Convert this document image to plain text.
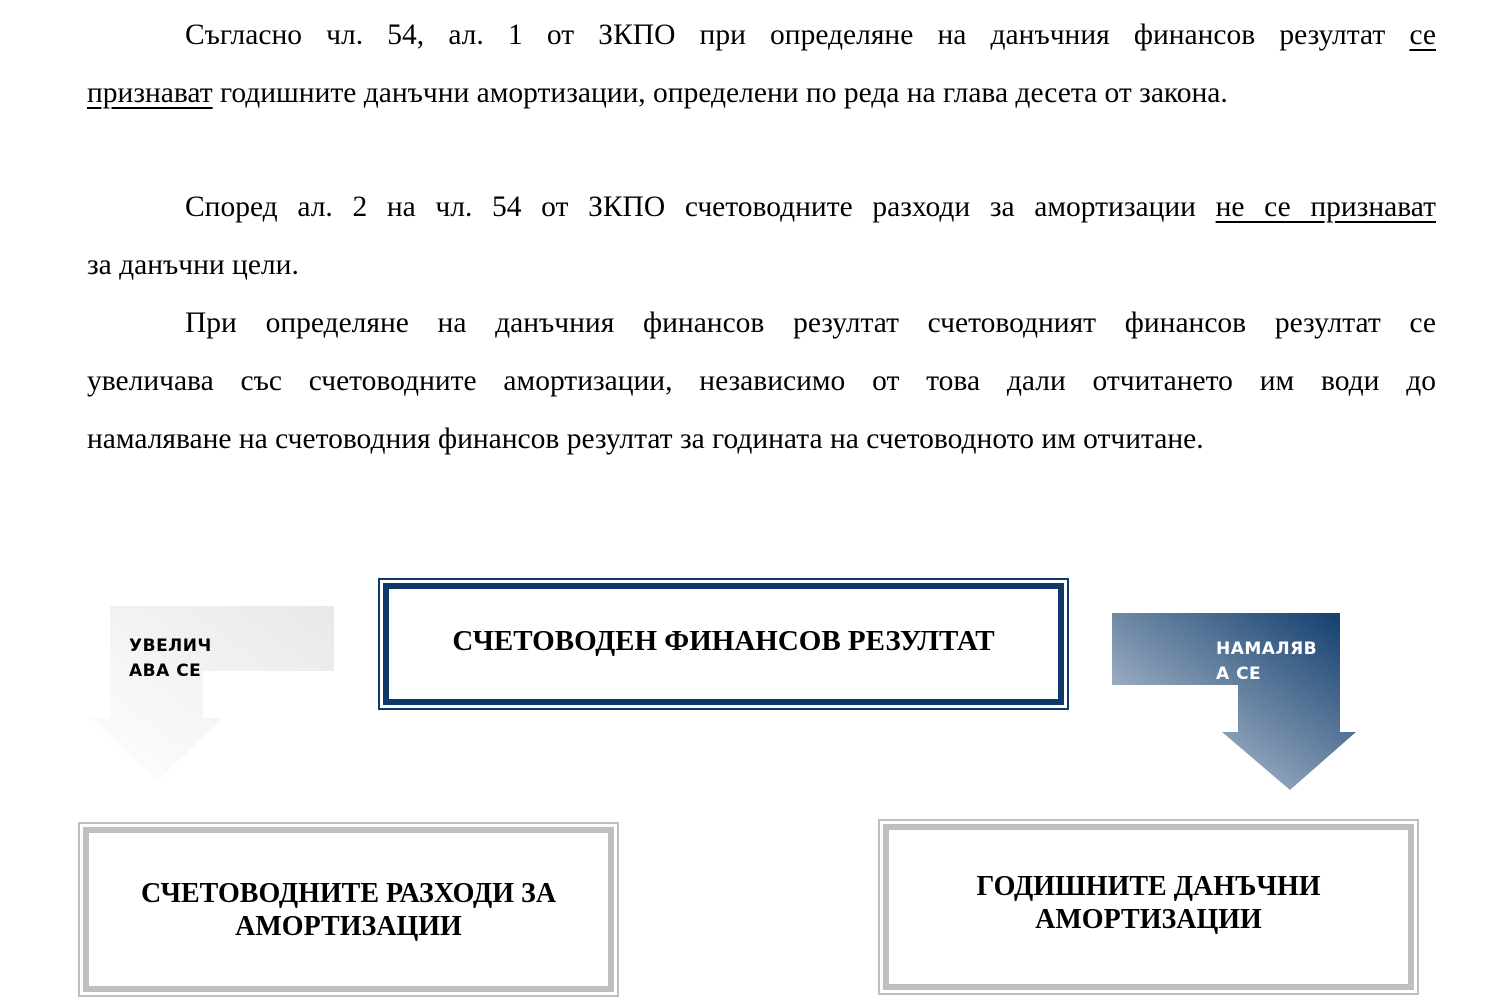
Съгласно чл. 54, ал. 1 от ЗКПО при определяне на данъчния финансов резултат се
признават годишните данъчни амортизации, определени по реда на глава десета от закона.
Според ал. 2 на чл. 54 от ЗКПО счетоводните разходи за амортизации не се признават
за данъчни цели.
При определяне на данъчния финансов резултат счетоводният финансов резултат се
увеличава със счетоводните амортизации, независимо от това дали отчитането им води до
намаляване на счетоводния финансов резултат за годината на счетоводното им отчитане.
УВЕЛИЧ
АВА СЕ
СЧЕТОВОДЕН ФИНАНСОВ РЕЗУЛТАТ	НАМАЛЯВ
А СЕ
СЧЕТОВОДНИТЕ РАЗХОДИ ЗА
АМОРТИЗАЦИИ
ГОДИШНИТЕ ДАНЪЧНИ
АМОРТИЗАЦИИ
